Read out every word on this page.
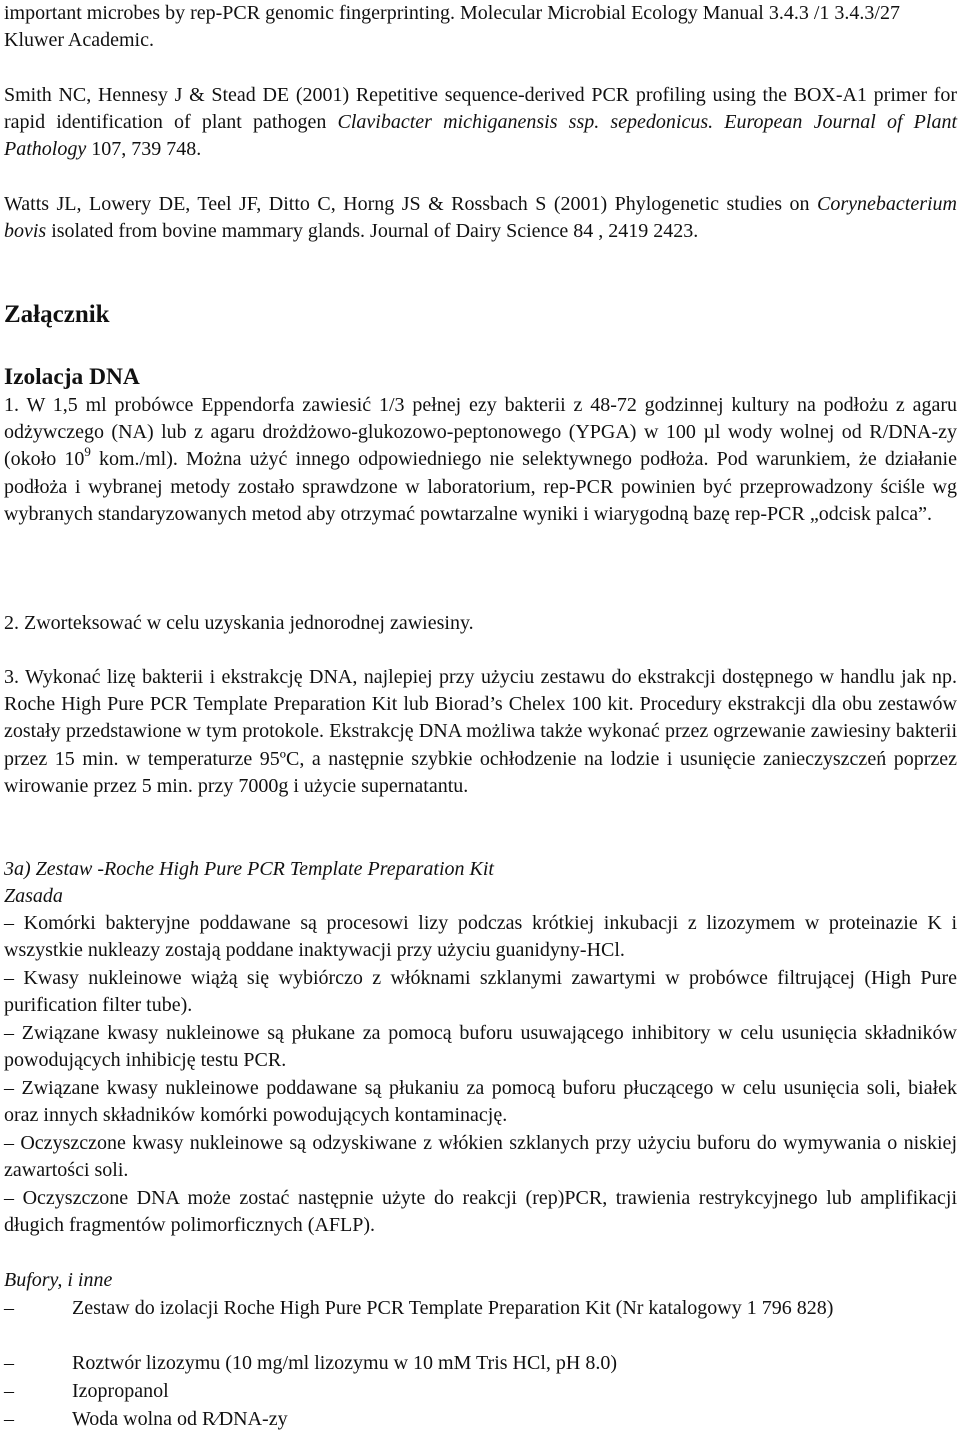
important microbes by rep-PCR genomic fingerprinting. Molecular Microbial Ecology Manual 3.4.3 /1 3.4.3/27 Kluwer Academic.

Smith NC, Hennesy J & Stead DE (2001) Repetitive sequence-derived PCR profiling using the BOX-A1 primer for rapid identification of plant pathogen Clavibacter michiganensis ssp. sepedonicus. European Journal of Plant Pathology 107, 739 748.

Watts JL, Lowery DE, Teel JF, Ditto C, Horng JS & Rossbach S (2001) Phylogenetic studies on Corynebacterium bovis isolated from bovine mammary glands. Journal of Dairy Science 84 , 2419 2423.

Załącznik
Izolacja DNA

1. W 1,5 ml probówce Eppendorfa zawiesić 1/3 pełnej ezy bakterii z 48-72 godzinnej kultury na podłożu z agaru odżywczego (NA) lub z agaru drożdżowo-glukozowo-peptonowego (YPGA) w 100 µl wody wolnej od R/DNA-zy (około $10^9$ kom./ml). Można użyć innego odpowiedniego nie selektywnego podłoża. Pod warunkiem, że działanie podłoża i wybranej metody zostało sprawdzone w laboratorium, rep-PCR powinien być przeprowadzony ściśle wg wybranych standaryzowanych metod aby otrzymać powtarzalne wyniki i wiarygodną bazę rep-PCR „odcisk palca”.

2. Zworteksować w celu uzyskania jednorodnej zawiesiny.

3. Wykonać lizę bakterii i ekstrakcję DNA, najlepiej przy użyciu zestawu do ekstrakcji dostępnego w handlu jak np. Roche High Pure PCR Template Preparation Kit lub Biorad’s Chelex 100 kit. Procedury ekstrakcji dla obu zestawów zostały przedstawione w tym protokole. Ekstrakcję DNA możliwa także wykonać przez ogrzewanie zawiesiny bakterii przez 15 min. w temperaturze 95ºC, a następnie szybkie ochłodzenie na lodzie i usunięcie zanieczyszczeń poprzez wirowanie przez 5 min. przy 7000g i użycie supernatantu.

3a) Zestaw -Roche High Pure PCR Template Preparation Kit

Zasada

– Komórki bakteryjne poddawane są procesowi lizy podczas krótkiej inkubacji z lizozymem w proteinazie K i wszystkie nukleazy zostają poddane inaktywacji przy użyciu guanidyny-HCl.

– Kwasy nukleinowe wiążą się wybiórczo z włóknami szklanymi zawartymi w probówce filtrującej (High Pure purification filter tube).

– Związane kwasy nukleinowe są płukane za pomocą buforu usuwającego inhibitory w celu usunięcia składników powodujących inhibicję testu PCR.

– Związane kwasy nukleinowe poddawane są płukaniu za pomocą buforu płuczącego w celu usunięcia soli, białek oraz innych składników komórki powodujących kontaminację.

– Oczyszczone kwasy nukleinowe są odzyskiwane z włókien szklanych przy użyciu buforu do wymywania o niskiej zawartości soli.

– Oczyszczone DNA może zostać następnie użyte do reakcji (rep)PCR, trawienia restrykcyjnego lub amplifikacji długich fragmentów polimorficznych (AFLP).

Bufory, i inne

–	Zestaw do izolacji Roche High Pure PCR Template Preparation Kit (Nr katalogowy 1 796 828)
–	Roztwór lizozymu (10 mg/ml lizozymu w 10 mM Tris HCl, pH 8.0)
–	Izopropanol
–	Woda wolna od R⁄DNA-zy
